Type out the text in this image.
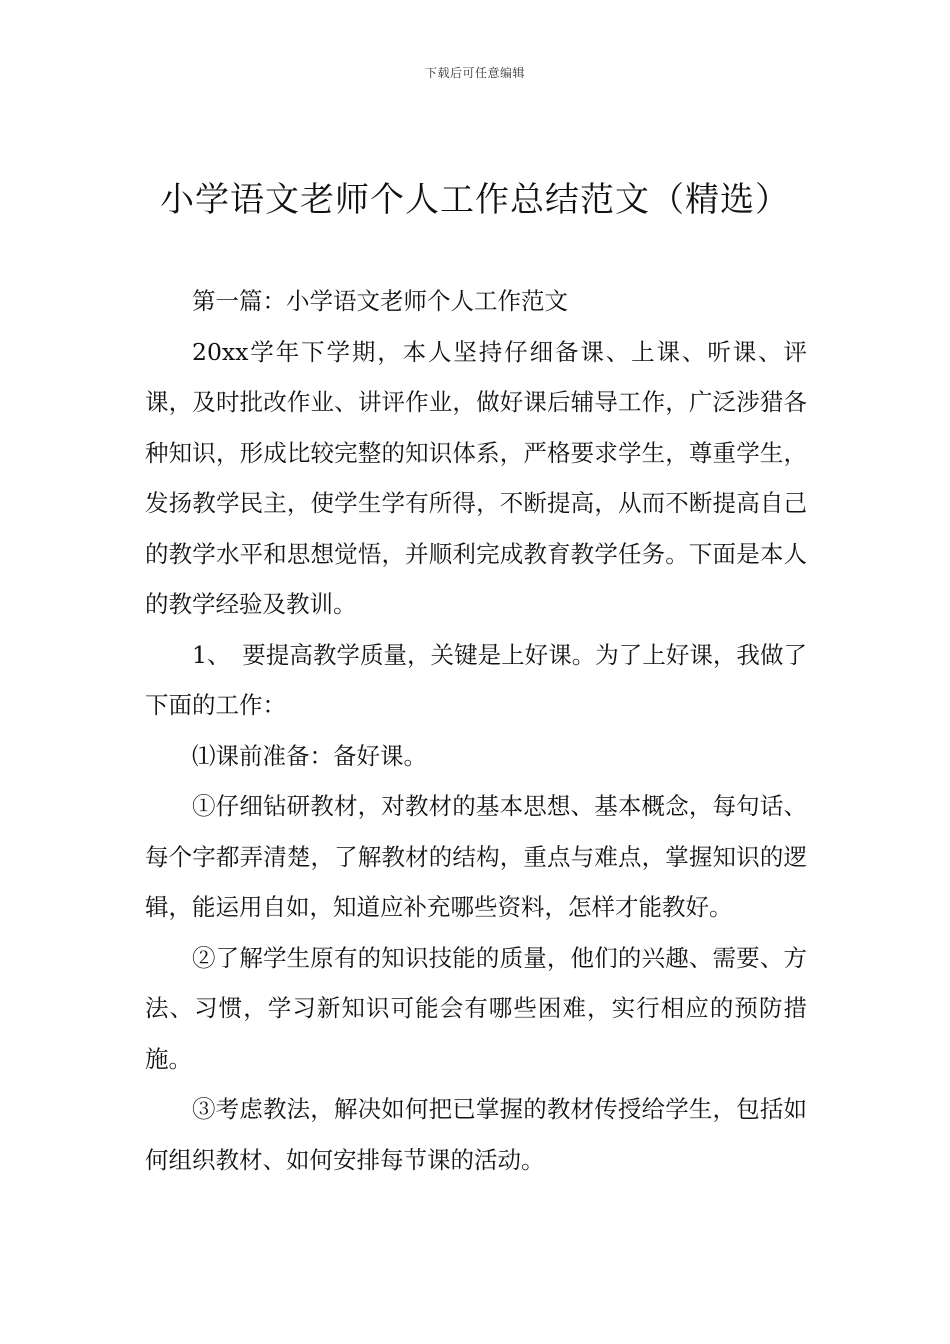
下载后可任意编辑
小学语文老师个人工作总结范文（精选）

第一篇：小学语文老师个人工作范文

20xx学年下学期，本人坚持仔细备课、上课、听课、评课，及时批改作业、讲评作业，做好课后辅导工作，广泛涉猎各种知识，形成比较完整的知识体系，严格要求学生，尊重学生，发扬教学民主，使学生学有所得，不断提高，从而不断提高自己的教学水平和思想觉悟，并顺利完成教育教学任务。下面是本人的教学经验及教训。

1、　要提高教学质量，关键是上好课。为了上好课，我做了下面的工作：

⑴课前准备：备好课。

①仔细钻研教材，对教材的基本思想、基本概念，每句话、每个字都弄清楚，了解教材的结构，重点与难点，掌握知识的逻辑，能运用自如，知道应补充哪些资料，怎样才能教好。

②了解学生原有的知识技能的质量，他们的兴趣、需要、方法、习惯，学习新知识可能会有哪些困难，实行相应的预防措施。

③考虑教法，解决如何把已掌握的教材传授给学生，包括如何组织教材、如何安排每节课的活动。
